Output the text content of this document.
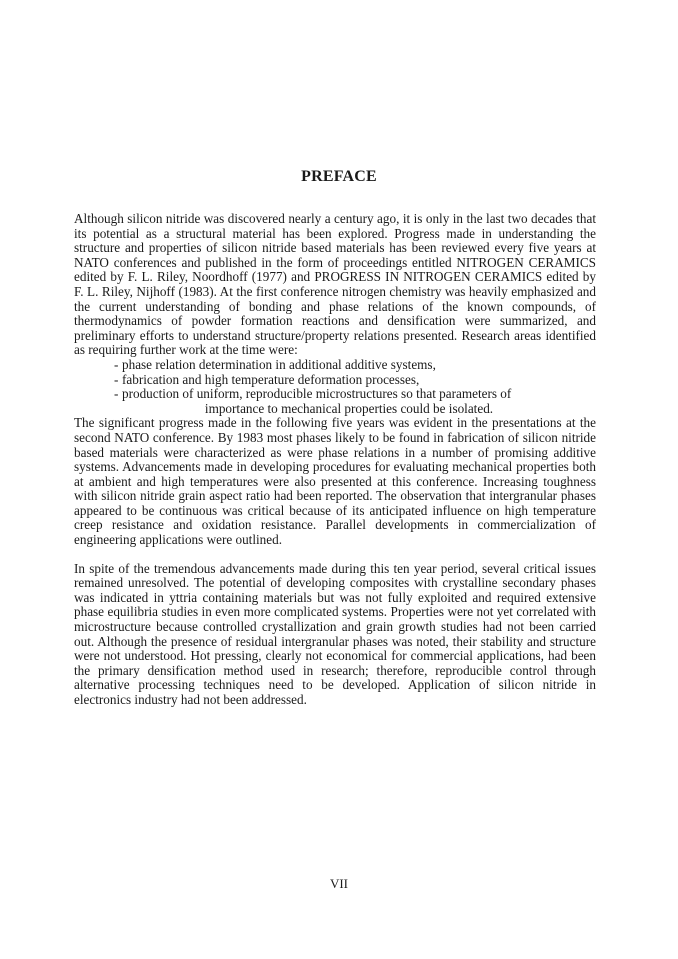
PREFACE

Although silicon nitride was discovered nearly a century ago, it is only in the last two decades that its potential as a structural material has been explored. Progress made in understanding the structure and properties of silicon nitride based materials has been reviewed every five years at NATO conferences and published in the form of proceedings entitled NITROGEN CERAMICS edited by F. L. Riley, Noordhoff (1977) and PROGRESS IN NITROGEN CERAMICS edited by F. L. Riley, Nijhoff (1983). At the first conference nitrogen chemistry was heavily emphasized and the current understanding of bonding and phase relations of the known compounds, of thermodynamics of powder formation reactions and densification were summarized, and preliminary efforts to understand structure/property relations presented. Research areas identified as requiring further work at the time were:

- phase relation determination in additional additive systems,
- fabrication and high temperature deformation processes,
- production of uniform, reproducible microstructures so that parameters of
importance to mechanical properties could be isolated.

The significant progress made in the following five years was evident in the presentations at the second NATO conference. By 1983 most phases likely to be found in fabrication of silicon nitride based materials were characterized as were phase relations in a number of promising additive systems. Advancements made in developing procedures for evaluating mechanical properties both at ambient and high temperatures were also presented at this conference. Increasing toughness with silicon nitride grain aspect ratio had been reported. The observation that intergranular phases appeared to be continuous was critical because of its anticipated influence on high temperature creep resistance and oxidation resistance. Parallel developments in commercialization of engineering applications were outlined.

In spite of the tremendous advancements made during this ten year period, several critical issues remained unresolved. The potential of developing composites with crystalline secondary phases was indicated in yttria containing materials but was not fully exploited and required extensive phase equilibria studies in even more complicated systems. Properties were not yet correlated with microstructure because controlled crystallization and grain growth studies had not been carried out. Although the presence of residual intergranular phases was noted, their stability and structure were not understood. Hot pressing, clearly not economical for commercial applications, had been the primary densification method used in research; therefore, reproducible control through alternative processing techniques need to be developed. Application of silicon nitride in electronics industry had not been addressed.

VII
